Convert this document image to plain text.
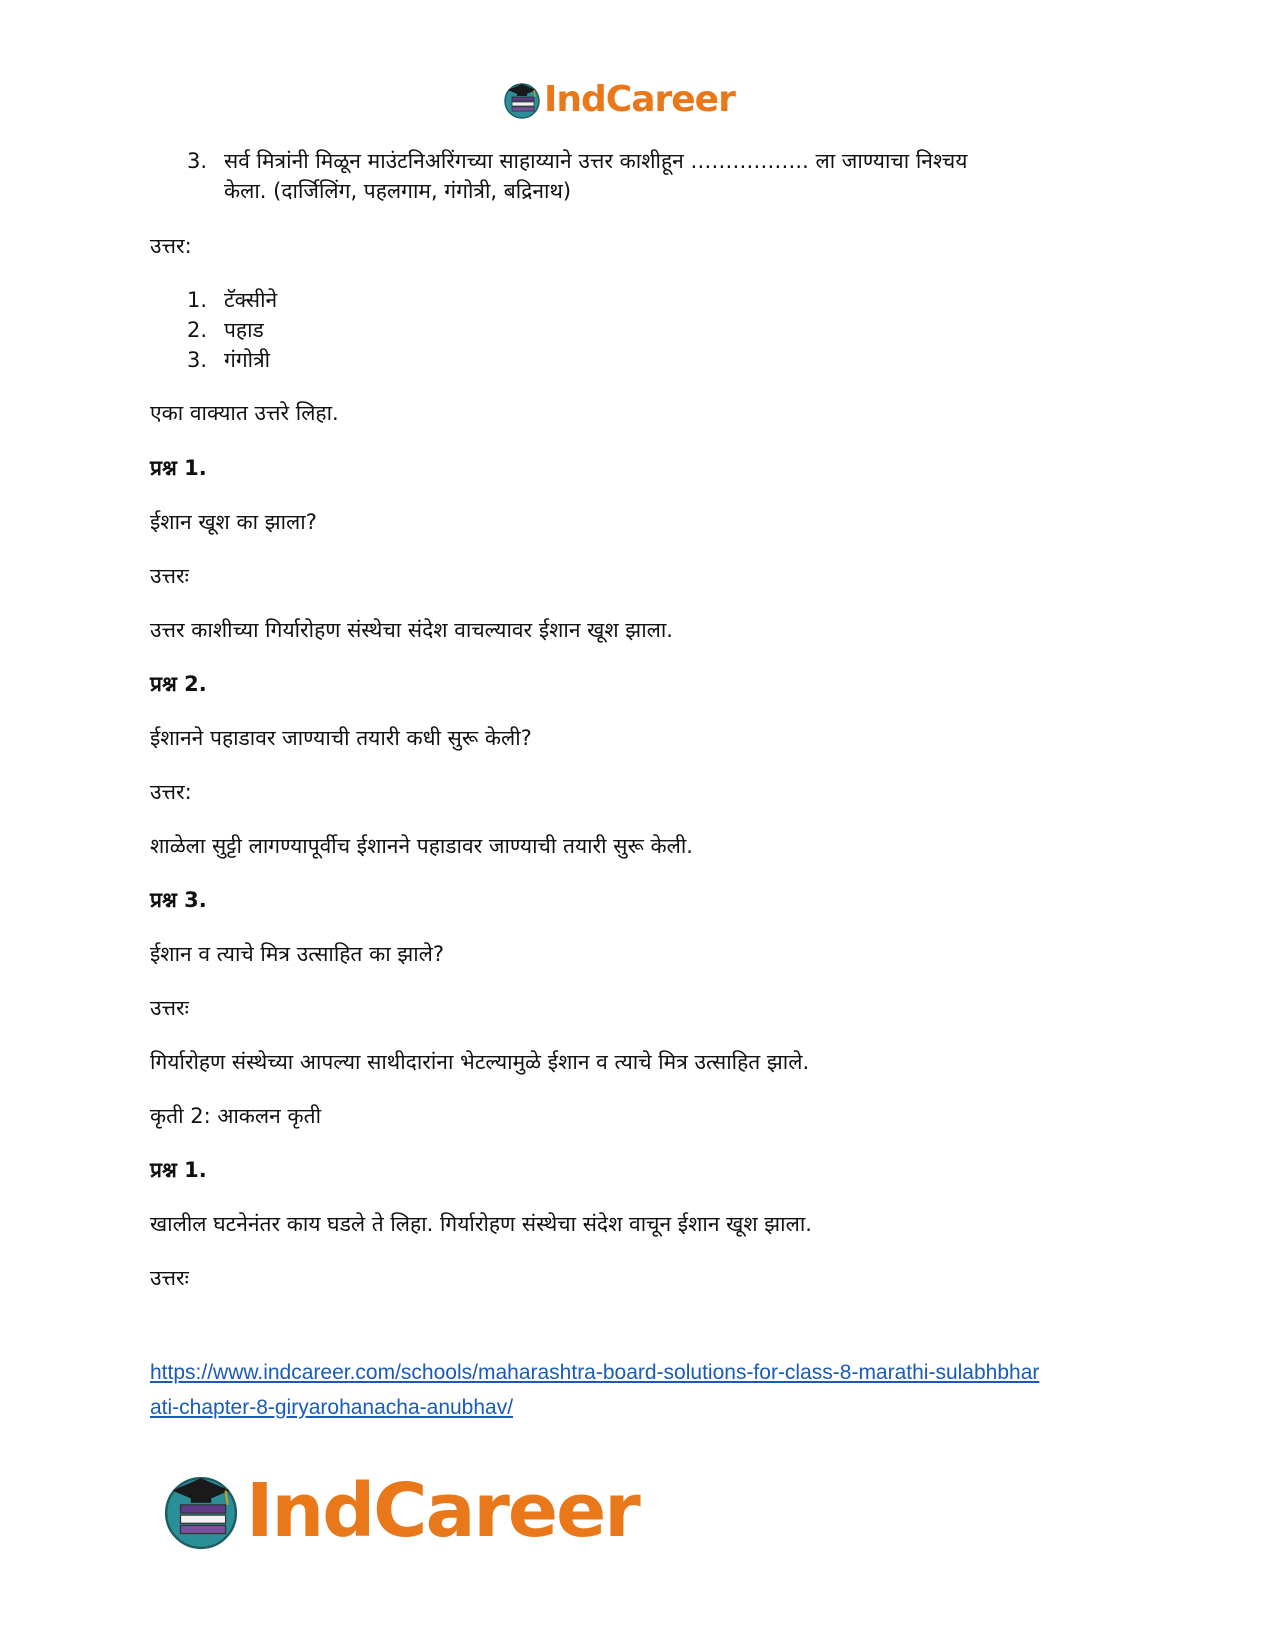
IndCareer
3. सर्व मित्रांनी मिळून माउंटनिअरिंगच्या साहाय्याने उत्तर काशीहून …………….. ला जाण्याचा निश्चय
केला. (दार्जिलिंग, पहलगाम, गंगोत्री, बद्रिनाथ)
उत्तर:
1. टॅक्सीने
2. पहाड
3. गंगोत्री
एका वाक्यात उत्तरे लिहा.
प्रश्न 1.
ईशान खूश का झाला?
उत्तरः
उत्तर काशीच्या गिर्यारोहण संस्थेचा संदेश वाचल्यावर ईशान खूश झाला.
प्रश्न 2.
ईशानने पहाडावर जाण्याची तयारी कधी सुरू केली?
उत्तर:
शाळेला सुट्टी लागण्यापूर्वीच ईशानने पहाडावर जाण्याची तयारी सुरू केली.
प्रश्न 3.
ईशान व त्याचे मित्र उत्साहित का झाले?
उत्तरः
गिर्यारोहण संस्थेच्या आपल्या साथीदारांना भेटल्यामुळे ईशान व त्याचे मित्र उत्साहित झाले.
कृती 2: आकलन कृती
प्रश्न 1.
खालील घटनेनंतर काय घडले ते लिहा. गिर्यारोहण संस्थेचा संदेश वाचून ईशान खूश झाला.
उत्तरः
https://www.indcareer.com/schools/maharashtra-board-solutions-for-class-8-marathi-sulabhbhar
ati-chapter-8-giryarohanacha-anubhav/
IndCareer
